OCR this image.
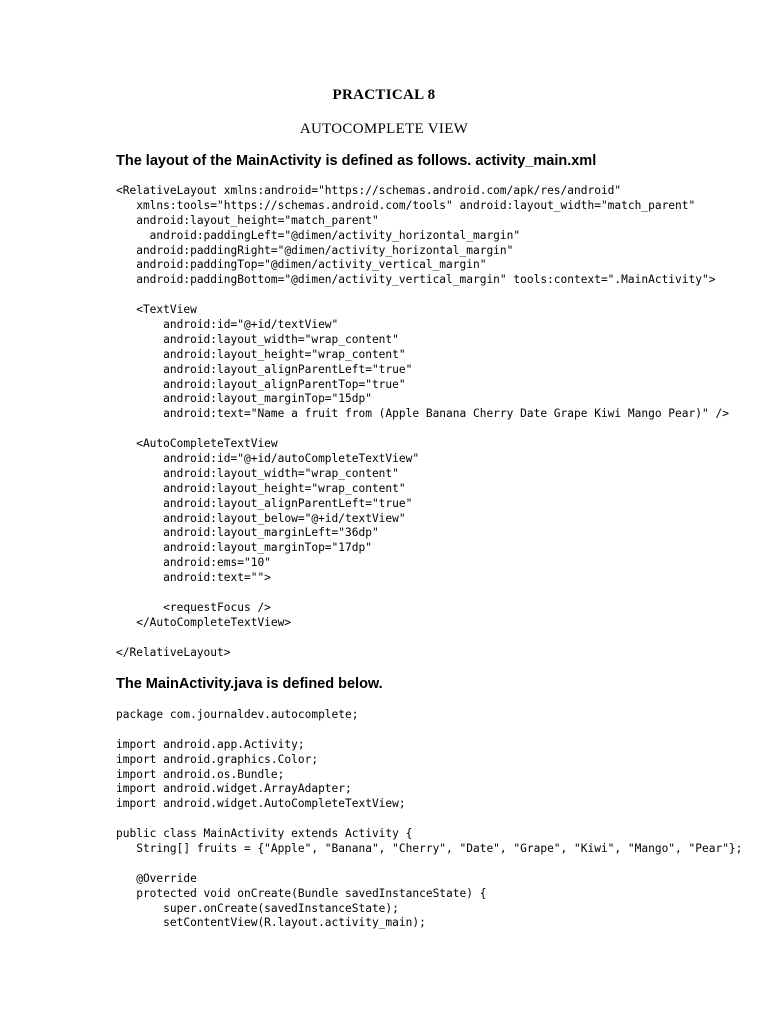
PRACTICAL 8
AUTOCOMPLETE VIEW
The layout of the MainActivity is defined as follows. activity_main.xml
<RelativeLayout xmlns:android="https://schemas.android.com/apk/res/android"
xmlns:tools="https://schemas.android.com/tools" android:layout_width="match_parent"
android:layout_height="match_parent"
android:paddingLeft="@dimen/activity_horizontal_margin"
android:paddingRight="@dimen/activity_horizontal_margin"
android:paddingTop="@dimen/activity_vertical_margin"
android:paddingBottom="@dimen/activity_vertical_margin" tools:context=".MainActivity">
<TextView
android:id="@+id/textView"
android:layout_width="wrap_content"
android:layout_height="wrap_content"
android:layout_alignParentLeft="true"
android:layout_alignParentTop="true"
android:layout_marginTop="15dp"
android:text="Name a fruit from (Apple Banana Cherry Date Grape Kiwi Mango Pear)" />
<AutoCompleteTextView
android:id="@+id/autoCompleteTextView"
android:layout_width="wrap_content"
android:layout_height="wrap_content"
android:layout_alignParentLeft="true"
android:layout_below="@+id/textView"
android:layout_marginLeft="36dp"
android:layout_marginTop="17dp"
android:ems="10"
android:text="">
<requestFocus />
</AutoCompleteTextView>
</RelativeLayout>
The MainActivity.java is defined below.
package com.journaldev.autocomplete;
import android.app.Activity;
import android.graphics.Color;
import android.os.Bundle;
import android.widget.ArrayAdapter;
import android.widget.AutoCompleteTextView;
public class MainActivity extends Activity {
String[] fruits = {"Apple", "Banana", "Cherry", "Date", "Grape", "Kiwi", "Mango", "Pear"};
@Override
protected void onCreate(Bundle savedInstanceState) {
super.onCreate(savedInstanceState);
setContentView(R.layout.activity_main);
